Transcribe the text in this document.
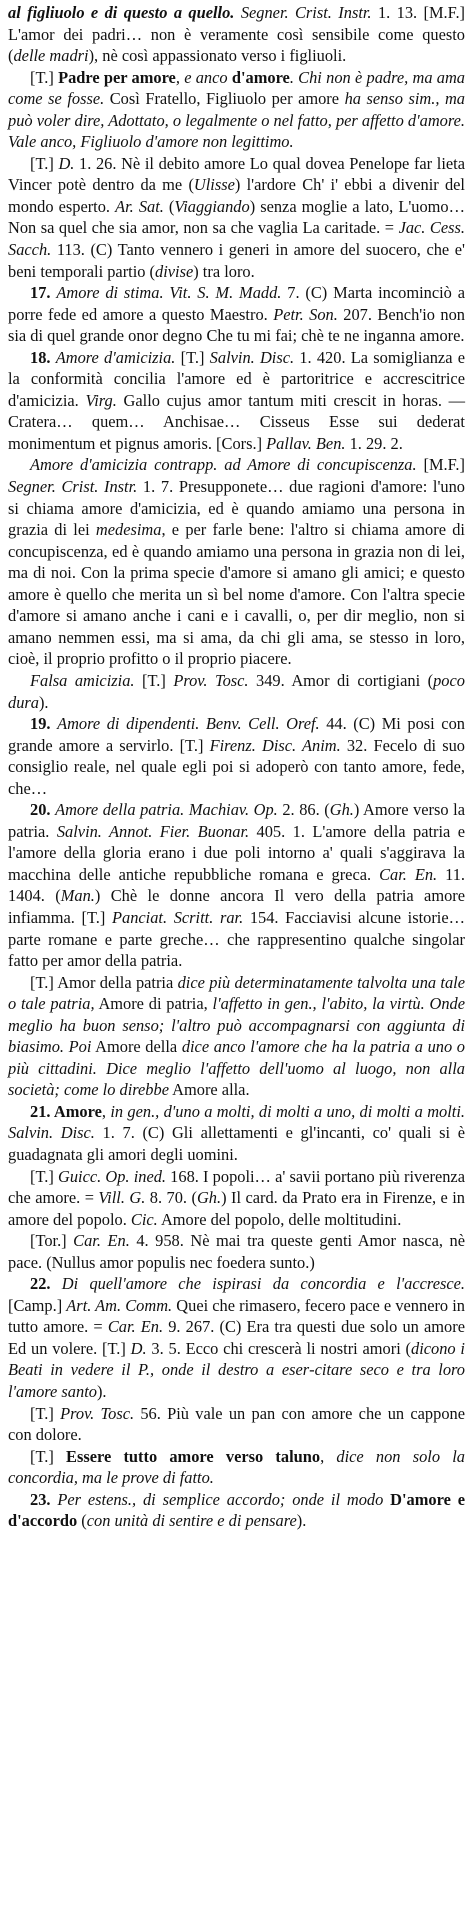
al figliuolo e di questo a quello. Segner. Crist. Instr. 1. 13. [M.F.] L'amor dei padri… non è veramente così sensibile come questo (delle madri), nè così appassionato verso i figliuoli.

[T.] Padre per amore, e anco d'amore. Chi non è padre, ma ama come se fosse. Così Fratello, Figliuolo per amore ha senso sim., ma può voler dire, Adottato, o legalmente o nel fatto, per affetto d'amore. Vale anco, Figliuolo d'amore non legittimo.

[T.] D. 1. 26. Nè il debito amore Lo qual dovea Penelope far lieta Vincer potè dentro da me (Ulisse) l'ardore Ch' i' ebbi a divenir del mondo esperto. Ar. Sat. (Viaggiando) senza moglie a lato, L'uomo… Non sa quel che sia amor, non sa che vaglia La caritade. = Jac. Cess. Sacch. 113. (C) Tanto vennero i generi in amore del suocero, che e' beni temporali partio (divise) tra loro.

17. Amore di stima. Vit. S. M. Madd. 7. (C) Marta incominciò a porre fede ed amore a questo Maestro. Petr. Son. 207. Bench'io non sia di quel grande onor degno Che tu mi fai; chè te ne inganna amore.

18. Amore d'amicizia. [T.] Salvin. Disc. 1. 420. La somiglianza e la conformità concilia l'amore ed è partoritrice e accrescitrice d'amicizia. Virg. Gallo cujus amor tantum miti crescit in horas. — Cratera… quem… Anchisae… Cisseus Esse sui dederat monimentum et pignus amoris. [Cors.] Pallav. Ben. 1. 29. 2.

Amore d'amicizia contrapp. ad Amore di concupiscenza. [M.F.] Segner. Crist. Instr. 1. 7. Presupponete… due ragioni d'amore: l'uno si chiama amore d'amicizia, ed è quando amiamo una persona in grazia di lei medesima, e per farle bene: l'altro si chiama amore di concupiscenza, ed è quando amiamo una persona in grazia non di lei, ma di noi. Con la prima specie d'amore si amano gli amici; e questo amore è quello che merita un sì bel nome d'amore. Con l'altra specie d'amore si amano anche i cani e i cavalli, o, per dir meglio, non si amano nemmen essi, ma si ama, da chi gli ama, se stesso in loro, cioè, il proprio profitto o il proprio piacere.

Falsa amicizia. [T.] Prov. Tosc. 349. Amor di cortigiani (poco dura).

19. Amore di dipendenti. Benv. Cell. Oref. 44. (C) Mi posi con grande amore a servirlo. [T.] Firenz. Disc. Anim. 32. Fecelo di suo consiglio reale, nel quale egli poi si adoperò con tanto amore, fede, che…

20. Amore della patria. Machiav. Op. 2. 86. (Gh.) Amore verso la patria. Salvin. Annot. Fier. Buonar. 405. 1. L'amore della patria e l'amore della gloria erano i due poli intorno a' quali s'aggirava la macchina delle antiche repubbliche romana e greca. Car. En. 11. 1404. (Man.) Chè le donne ancora Il vero della patria amore infiamma. [T.] Panciat. Scritt. rar. 154. Facciavisi alcune istorie… parte romane e parte greche… che rappresentino qualche singolar fatto per amor della patria.

[T.] Amor della patria dice più determinatamente talvolta una tale o tale patria, Amore di patria, l'affetto in gen., l'abito, la virtù. Onde meglio ha buon senso; l'altro può accompagnarsi con aggiunta di biasimo. Poi Amore della dice anco l'amore che ha la patria a uno o più cittadini. Dice meglio l'affetto dell'uomo al luogo, non alla società; come lo direbbe Amore alla.

21. Amore, in gen., d'uno a molti, di molti a uno, di molti a molti. Salvin. Disc. 1. 7. (C) Gli allettamenti e gl'incanti, co' quali si è guadagnata gli amori degli uomini.

[T.] Guicc. Op. ined. 168. I popoli… a' savii portano più riverenza che amore. = Vill. G. 8. 70. (Gh.) Il card. da Prato era in Firenze, e in amore del popolo. Cic. Amore del popolo, delle moltitudini.

[Tor.] Car. En. 4. 958. Nè mai tra queste genti Amor nasca, nè pace. (Nullus amor populis nec foedera sunto.)

22. Di quell'amore che ispirasi da concordia e l'accresce. [Camp.] Art. Am. Comm. Quei che rimasero, fecero pace e vennero in tutto amore. = Car. En. 9. 267. (C) Era tra questi due solo un amore Ed un volere. [T.] D. 3. 5. Ecco chi crescerà li nostri amori (dicono i Beati in vedere il P., onde il destro a eser-citare seco e tra loro l'amore santo).

[T.] Prov. Tosc. 56. Più vale un pan con amore che un cappone con dolore.

[T.] Essere tutto amore verso taluno, dice non solo la concordia, ma le prove di fatto.

23. Per estens., di semplice accordo; onde il modo D'amore e d'accordo (con unità di sentire e di pensare).
